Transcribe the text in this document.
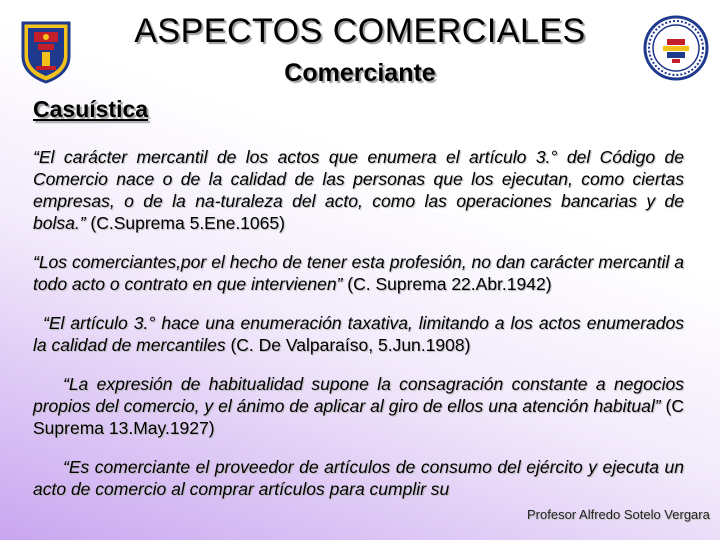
ASPECTOS COMERCIALES
Comerciante
Casuística

“El carácter mercantil de los actos que enumera el artículo 3.° del Código de Comercio nace o de la calidad de las personas que los ejecutan, como ciertas empresas, o de la na-turaleza del acto, como las operaciones bancarias y de bolsa.” (C.Suprema 5.Ene.1065)

“Los comerciantes,por el hecho de tener esta profesión, no dan carácter mercantil a todo acto o contrato en que intervienen” (C. Suprema 22.Abr.1942)

“El artículo 3.° hace una enumeración taxativa, limitando a los actos enumerados la calidad de mercantiles (C. De Valparaíso, 5.Jun.1908)

“La expresión de habitualidad supone la consagración constante a negocios propios del comercio, y el ánimo de aplicar al giro de ellos una atención habitual” (C Suprema 13.May.1927)

“Es comerciante el proveedor de artículos de consumo del ejército y ejecuta un acto de comercio al comprar artículos para cumplir su

Profesor Alfredo Sotelo Vergara
